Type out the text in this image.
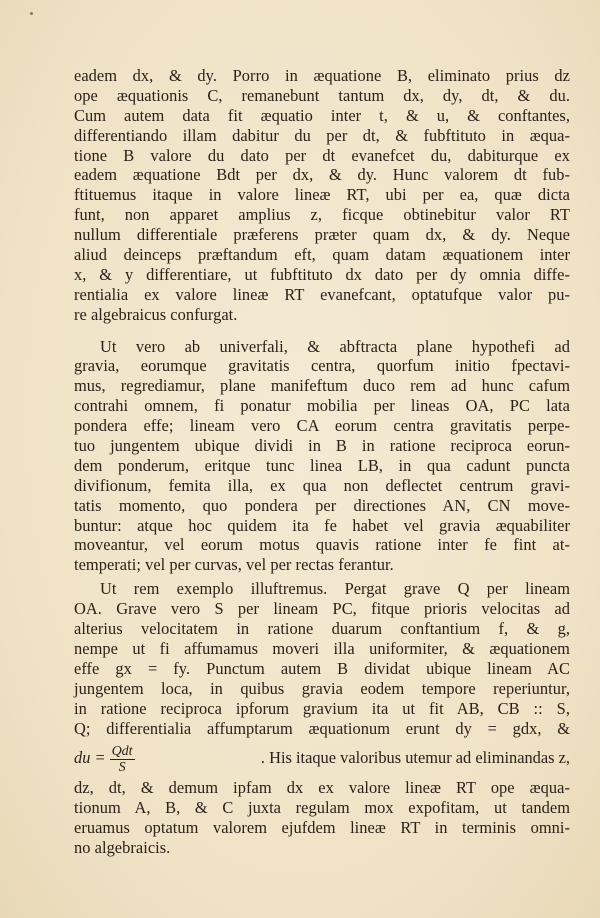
eadem dx, & dy. Porro in æquatione B, eliminato prius dz
ope æquationis C, remanebunt tantum dx, dy, dt, & du.
Cum autem data fit æquatio inter t, & u, & conftantes,
differentiando illam dabitur du per dt, & fubftituto in æqua-
tione B valore du dato per dt evanefcet du, dabiturque ex
eadem æquatione Bdt per dx, & dy. Hunc valorem dt fub-
ftituemus itaque in valore lineæ RT, ubi per ea, quæ dicta
funt, non apparet amplius z, ficque obtinebitur valor RT
nullum differentiale præferens præter quam dx, & dy. Neque
aliud deinceps præftandum eft, quam datam æquationem inter
x, & y differentiare, ut fubftituto dx dato per dy omnia diffe-
rentialia ex valore lineæ RT evanefcant, optatufque valor pu-
re algebraicus confurgat.
Ut vero ab univerfali, & abftracta plane hypothefi ad
gravia, eorumque gravitatis centra, quorfum initio fpectavi-
mus, regrediamur, plane manifeftum duco rem ad hunc cafum
contrahi omnem, fi ponatur mobilia per lineas OA, PC lata
pondera effe; lineam vero CA eorum centra gravitatis perpe-
tuo jungentem ubique dividi in B in ratione reciproca eorun-
dem ponderum, eritque tunc linea LB, in qua cadunt puncta
divifionum, femita illa, ex qua non deflectet centrum gravi-
tatis momento, quo pondera per directiones AN, CN move-
buntur: atque hoc quidem ita fe habet vel gravia æquabiliter
moveantur, vel eorum motus quavis ratione inter fe fint at-
temperati; vel per curvas, vel per rectas ferantur.
Ut rem exemplo illuftremus. Pergat grave Q per lineam
OA. Grave vero S per lineam PC, fitque prioris velocitas ad
alterius velocitatem in ratione duarum conftantium f, & g,
nempe ut fi affumamus moveri illa uniformiter, & æquationem
effe gx = fy. Punctum autem B dividat ubique lineam AC
jungentem loca, in quibus gravia eodem tempore reperiuntur,
in ratione reciproca ipforum gravium ita ut fit AB, CB :: S,
Q; differentialia affumptarum æquationum erunt dy = gdx, &
du = $\frac{\text{Qdt}}{S}$	. His itaque valoribus utemur ad eliminandas z,
dz, dt, & demum ipfam dx ex valore lineæ RT ope æqua-
tionum A, B, & C juxta regulam mox expofitam, ut tandem
eruamus optatum valorem ejufdem lineæ RT in terminis omni-
no algebraicis.
